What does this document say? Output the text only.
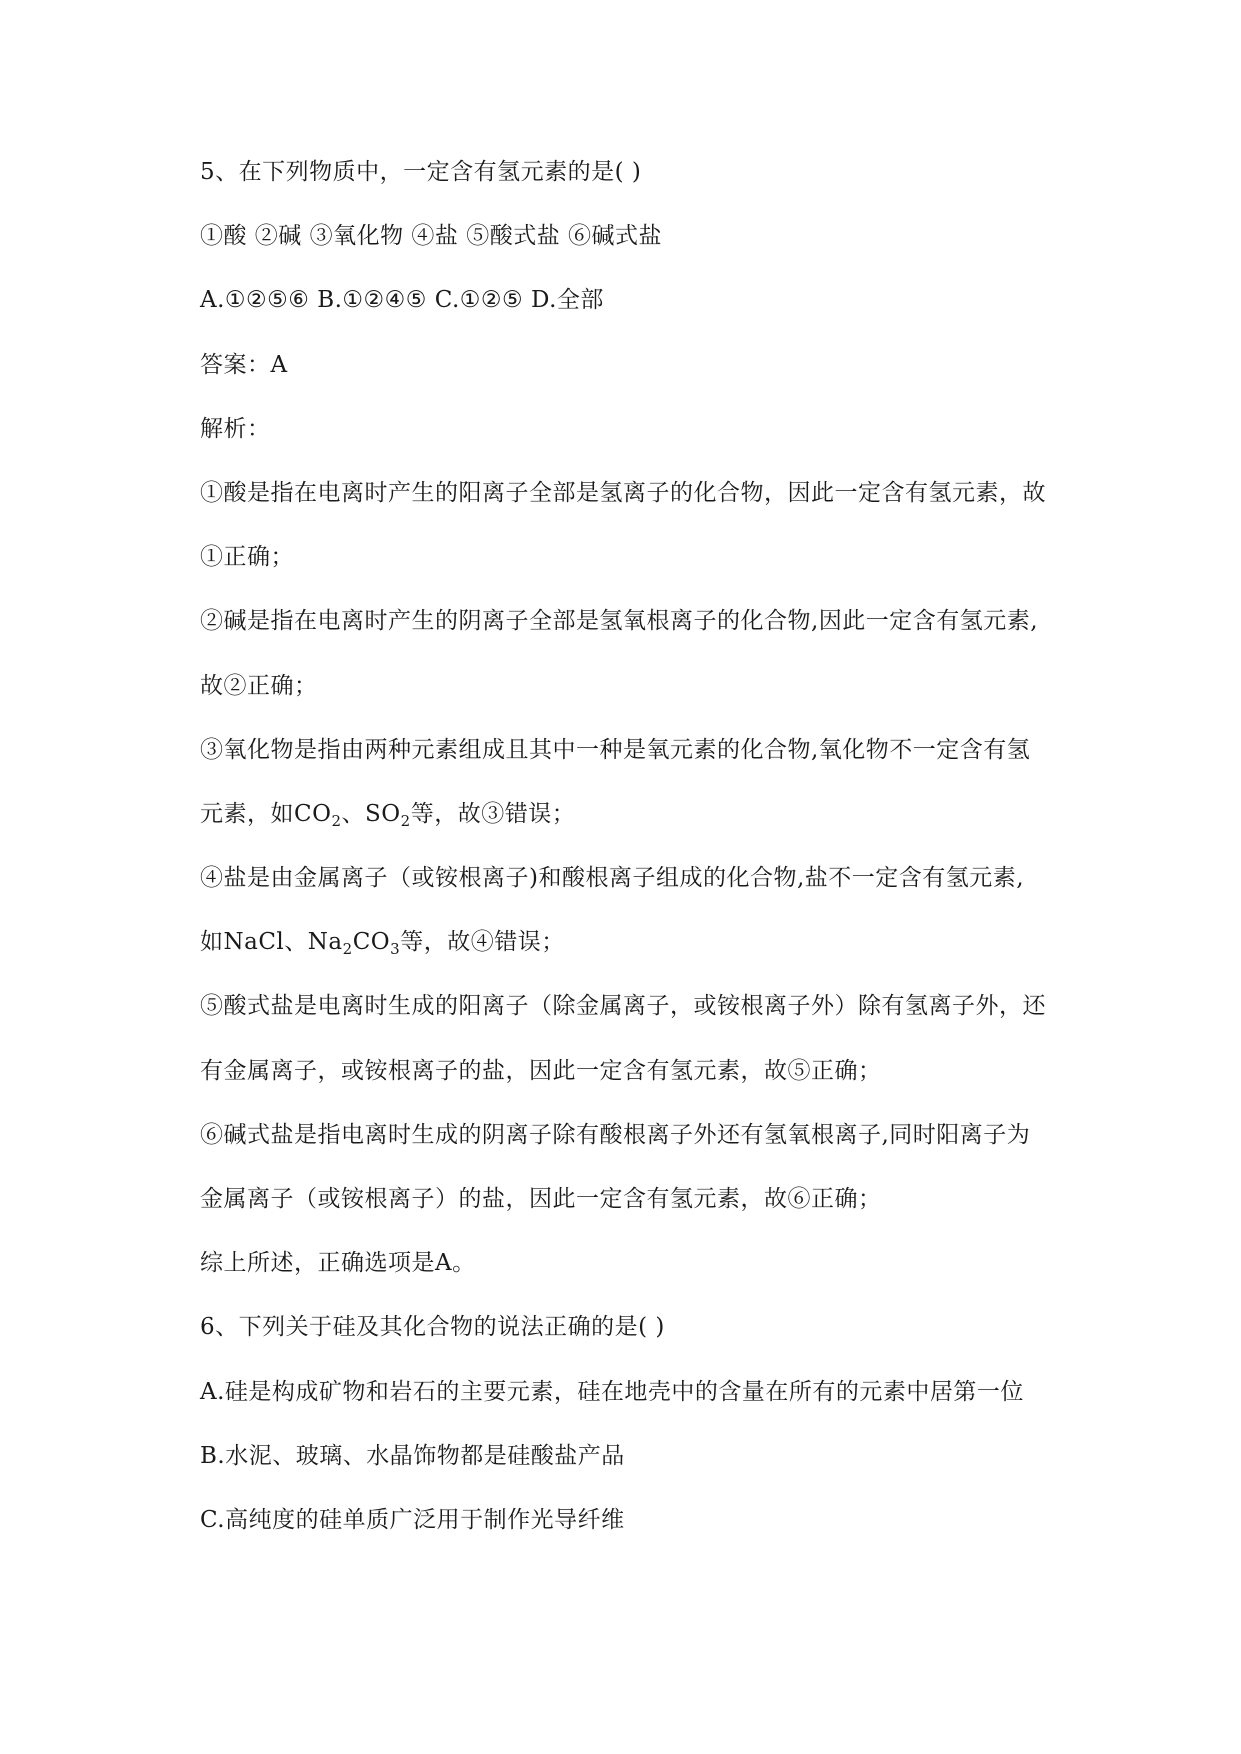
5、在下列物质中，一定含有氢元素的是( )
①酸 ②碱 ③氧化物 ④盐 ⑤酸式盐 ⑥碱式盐
A.①②⑤⑥ B.①②④⑤ C.①②⑤ D.全部
答案：A
解析：
①酸是指在电离时产生的阳离子全部是氢离子的化合物，因此一定含有氢元素，故
①正确；
②碱是指在电离时产生的阴离子全部是氢氧根离子的化合物,因此一定含有氢元素,
故②正确；
③氧化物是指由两种元素组成且其中一种是氧元素的化合物,氧化物不一定含有氢
元素，如$CO_2$、$SO_2$等，故③错误；
④盐是由金属离子（或铵根离子)和酸根离子组成的化合物,盐不一定含有氢元素,
如NaCl、$Na_2CO_3$等，故④错误；
⑤酸式盐是电离时生成的阳离子（除金属离子，或铵根离子外）除有氢离子外，还
有金属离子，或铵根离子的盐，因此一定含有氢元素，故⑤正确；
⑥碱式盐是指电离时生成的阴离子除有酸根离子外还有氢氧根离子,同时阳离子为
金属离子（或铵根离子）的盐，因此一定含有氢元素，故⑥正确；
综上所述，正确选项是A。
6、下列关于硅及其化合物的说法正确的是( )
A.硅是构成矿物和岩石的主要元素，硅在地壳中的含量在所有的元素中居第一位
B.水泥、玻璃、水晶饰物都是硅酸盐产品
C.高纯度的硅单质广泛用于制作光导纤维
